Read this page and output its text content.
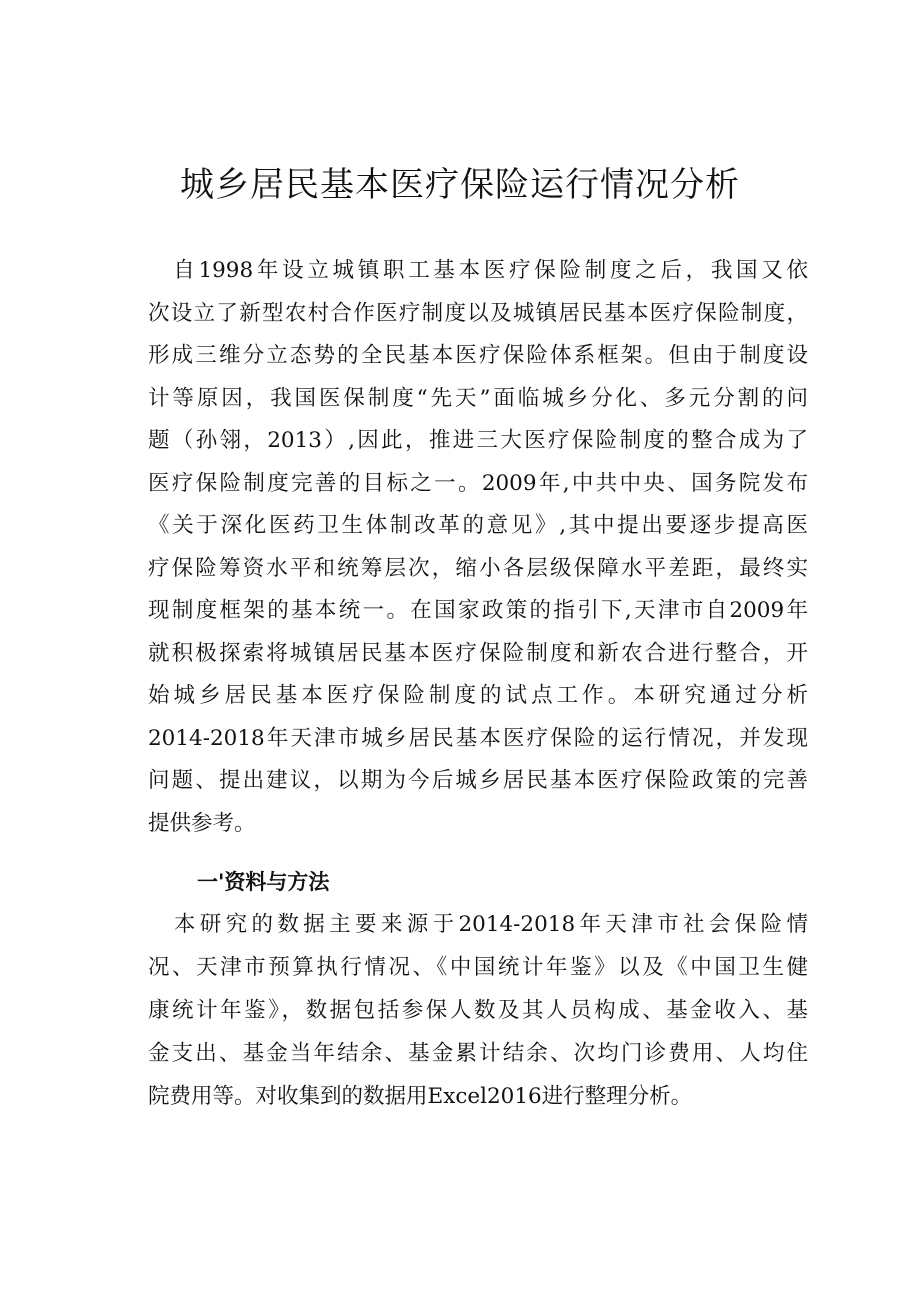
城乡居民基本医疗保险运行情况分析
　自1998年设立城镇职工基本医疗保险制度之后，我国又依
次设立了新型农村合作医疗制度以及城镇居民基本医疗保险制度，
形成三维分立态势的全民基本医疗保险体系框架。但由于制度设
计等原因，我国医保制度“先天”面临城乡分化、多元分割的问
题（孙翎，2013）,因此，推进三大医疗保险制度的整合成为了
医疗保险制度完善的目标之一。2009年,中共中央、国务院发布
《关于深化医药卫生体制改革的意见》,其中提出要逐步提高医
疗保险筹资水平和统筹层次，缩小各层级保障水平差距，最终实
现制度框架的基本统一。在国家政策的指引下,天津市自2009年
就积极探索将城镇居民基本医疗保险制度和新农合进行整合，开
始城乡居民基本医疗保险制度的试点工作。本研究通过分析
2014-2018年天津市城乡居民基本医疗保险的运行情况，并发现
问题、提出建议，以期为今后城乡居民基本医疗保险政策的完善
提供参考。
一'资料与方法
　本研究的数据主要来源于2014-2018年天津市社会保险情
况、天津市预算执行情况、《中国统计年鉴》以及《中国卫生健
康统计年鉴》，数据包括参保人数及其人员构成、基金收入、基
金支出、基金当年结余、基金累计结余、次均门诊费用、人均住
院费用等。对收集到的数据用Excel2016进行整理分析。
